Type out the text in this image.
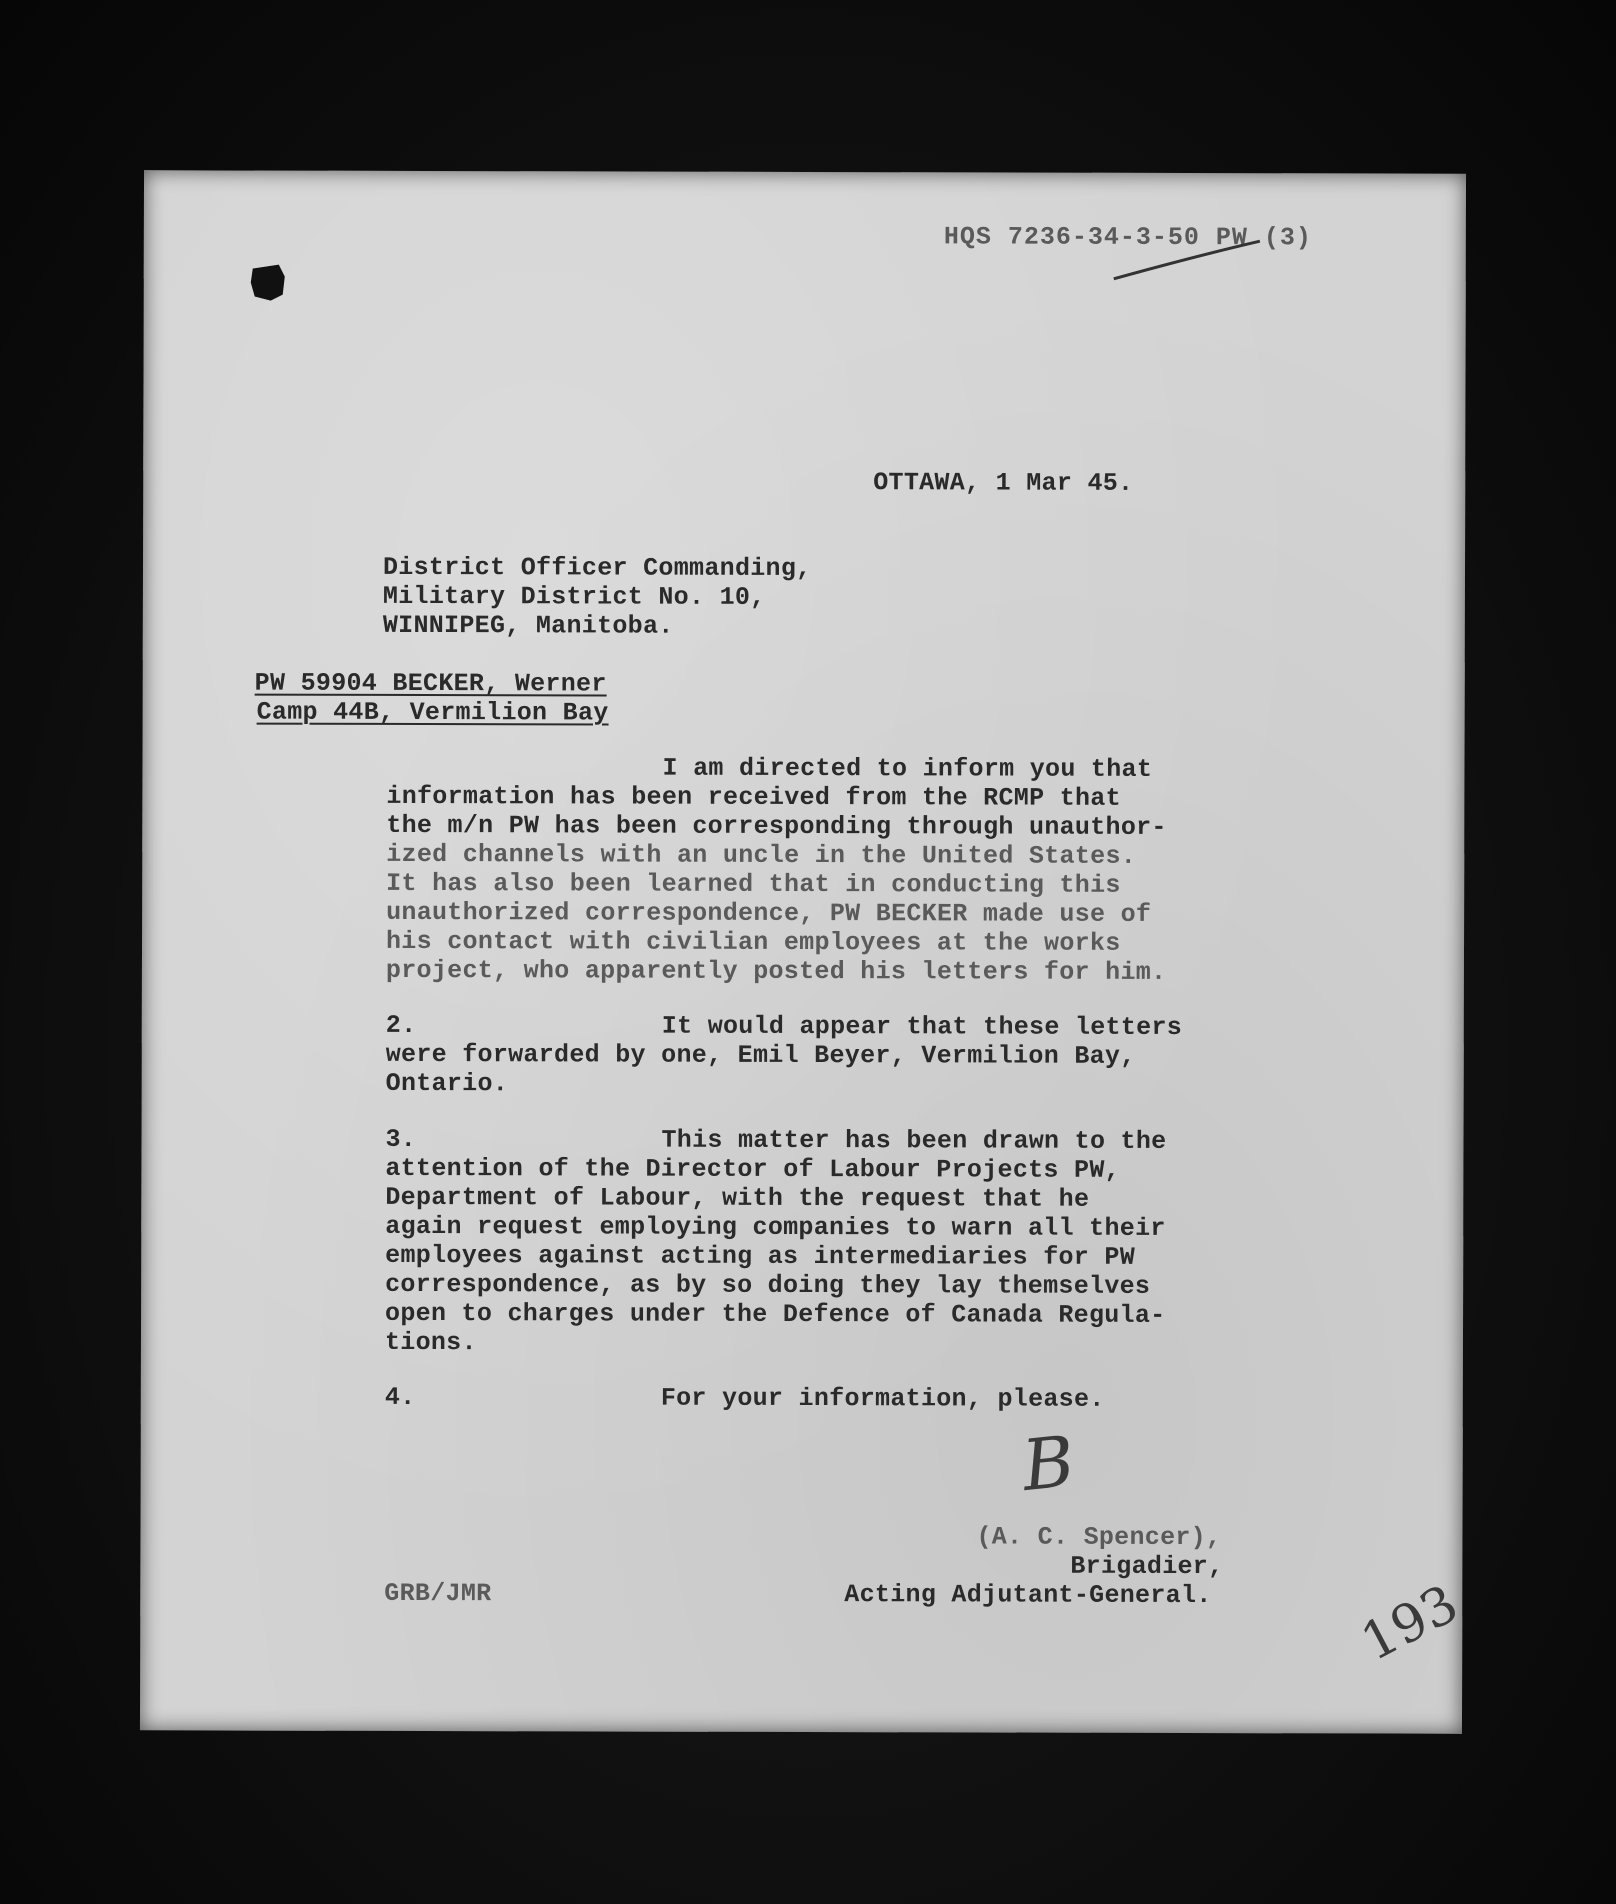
HQS 7236-34-3-50 PW (3)
OTTAWA, 1 Mar 45.
District Officer Commanding,
Military District No. 10,
WINNIPEG, Manitoba.
PW 59904 BECKER, Werner
Camp 44B, Vermilion Bay
I am directed to inform you that
information has been received from the RCMP that
the m/n PW has been corresponding through unauthor-
ized channels with an uncle in the United States.
It has also been learned that in conducting this
unauthorized correspondence, PW BECKER made use of
his contact with civilian employees at the works
project, who apparently posted his letters for him.
2.	It would appear that these letters
were forwarded by one, Emil Beyer, Vermilion Bay,
Ontario.
3.	This matter has been drawn to the
attention of the Director of Labour Projects PW,
Department of Labour, with the request that he
again request employing companies to warn all their
employees against acting as intermediaries for PW
correspondence, as by so doing they lay themselves
open to charges under the Defence of Canada Regula-
tions.
4.	For your information, please.
B
(A. C. Spencer),
Brigadier,
Acting Adjutant-General.
GRB/JMR	193
